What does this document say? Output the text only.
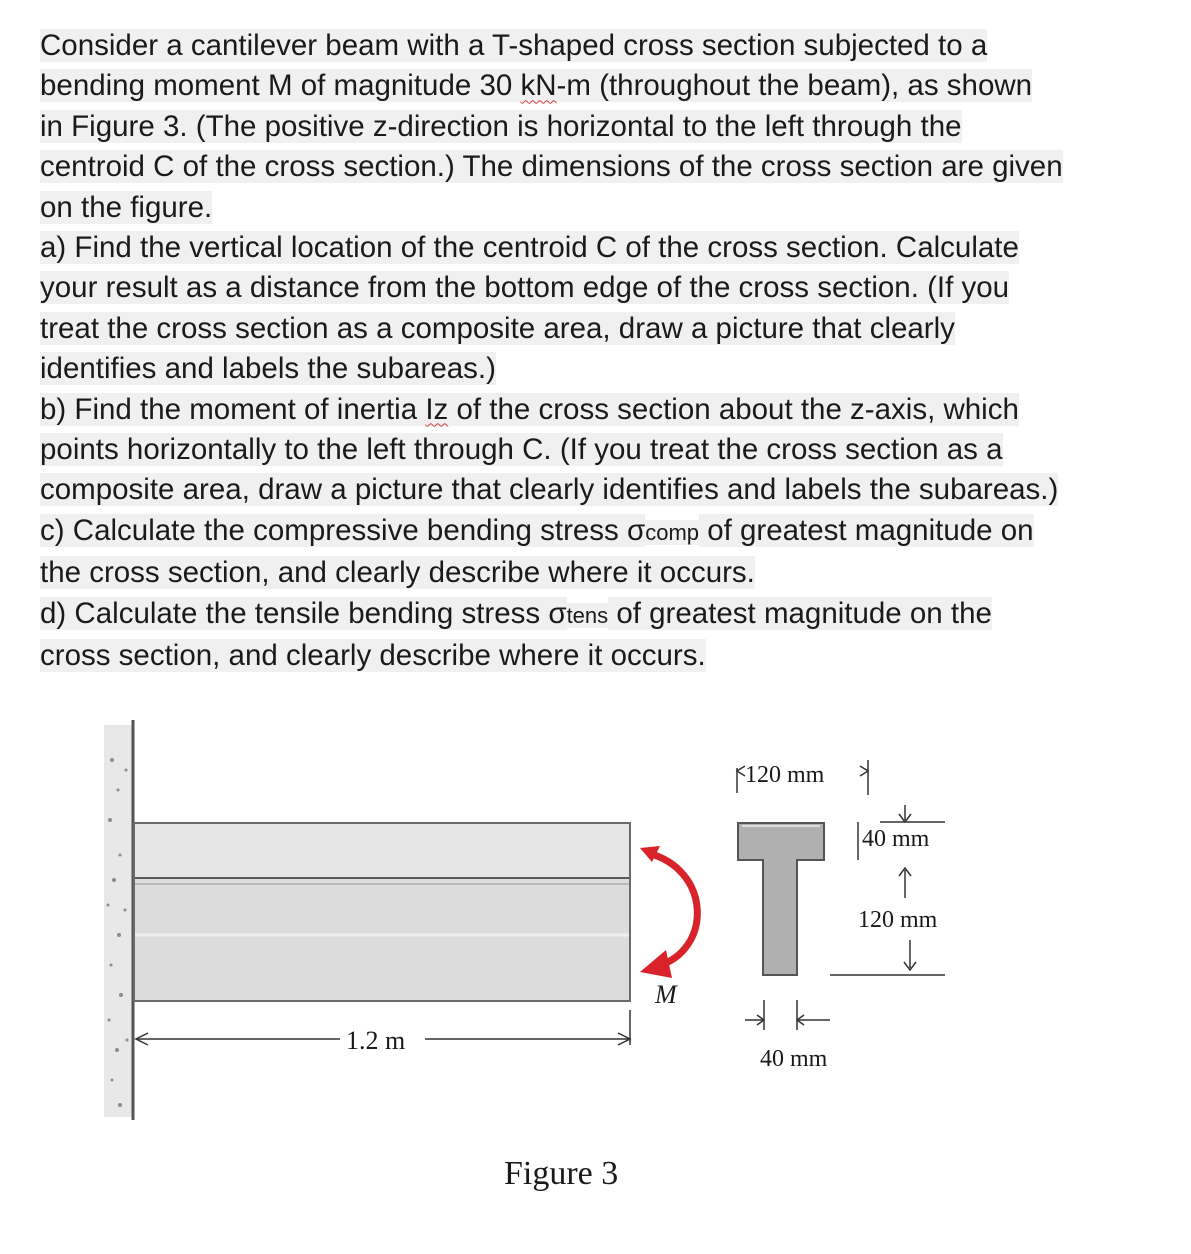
Consider a cantilever beam with a T-shaped cross section subjected to a
bending moment M of magnitude 30 kN-m (throughout the beam), as shown
in Figure 3. (The positive z-direction is horizontal to the left through the
centroid C of the cross section.) The dimensions of the cross section are given
on the figure.
a) Find the vertical location of the centroid C of the cross section. Calculate
your result as a distance from the bottom edge of the cross section. (If you
treat the cross section as a composite area, draw a picture that clearly
identifies and labels the subareas.)
b) Find the moment of inertia Iz of the cross section about the z-axis, which
points horizontally to the left through C. (If you treat the cross section as a
composite area, draw a picture that clearly identifies and labels the subareas.)
c) Calculate the compressive bending stress σcomp of greatest magnitude on
the cross section, and clearly describe where it occurs.
d) Calculate the tensile bending stress σtens of greatest magnitude on the
cross section, and clearly describe where it occurs.
M
1.2 m
120 mm
40 mm
120 mm
40 mm
Figure 3
